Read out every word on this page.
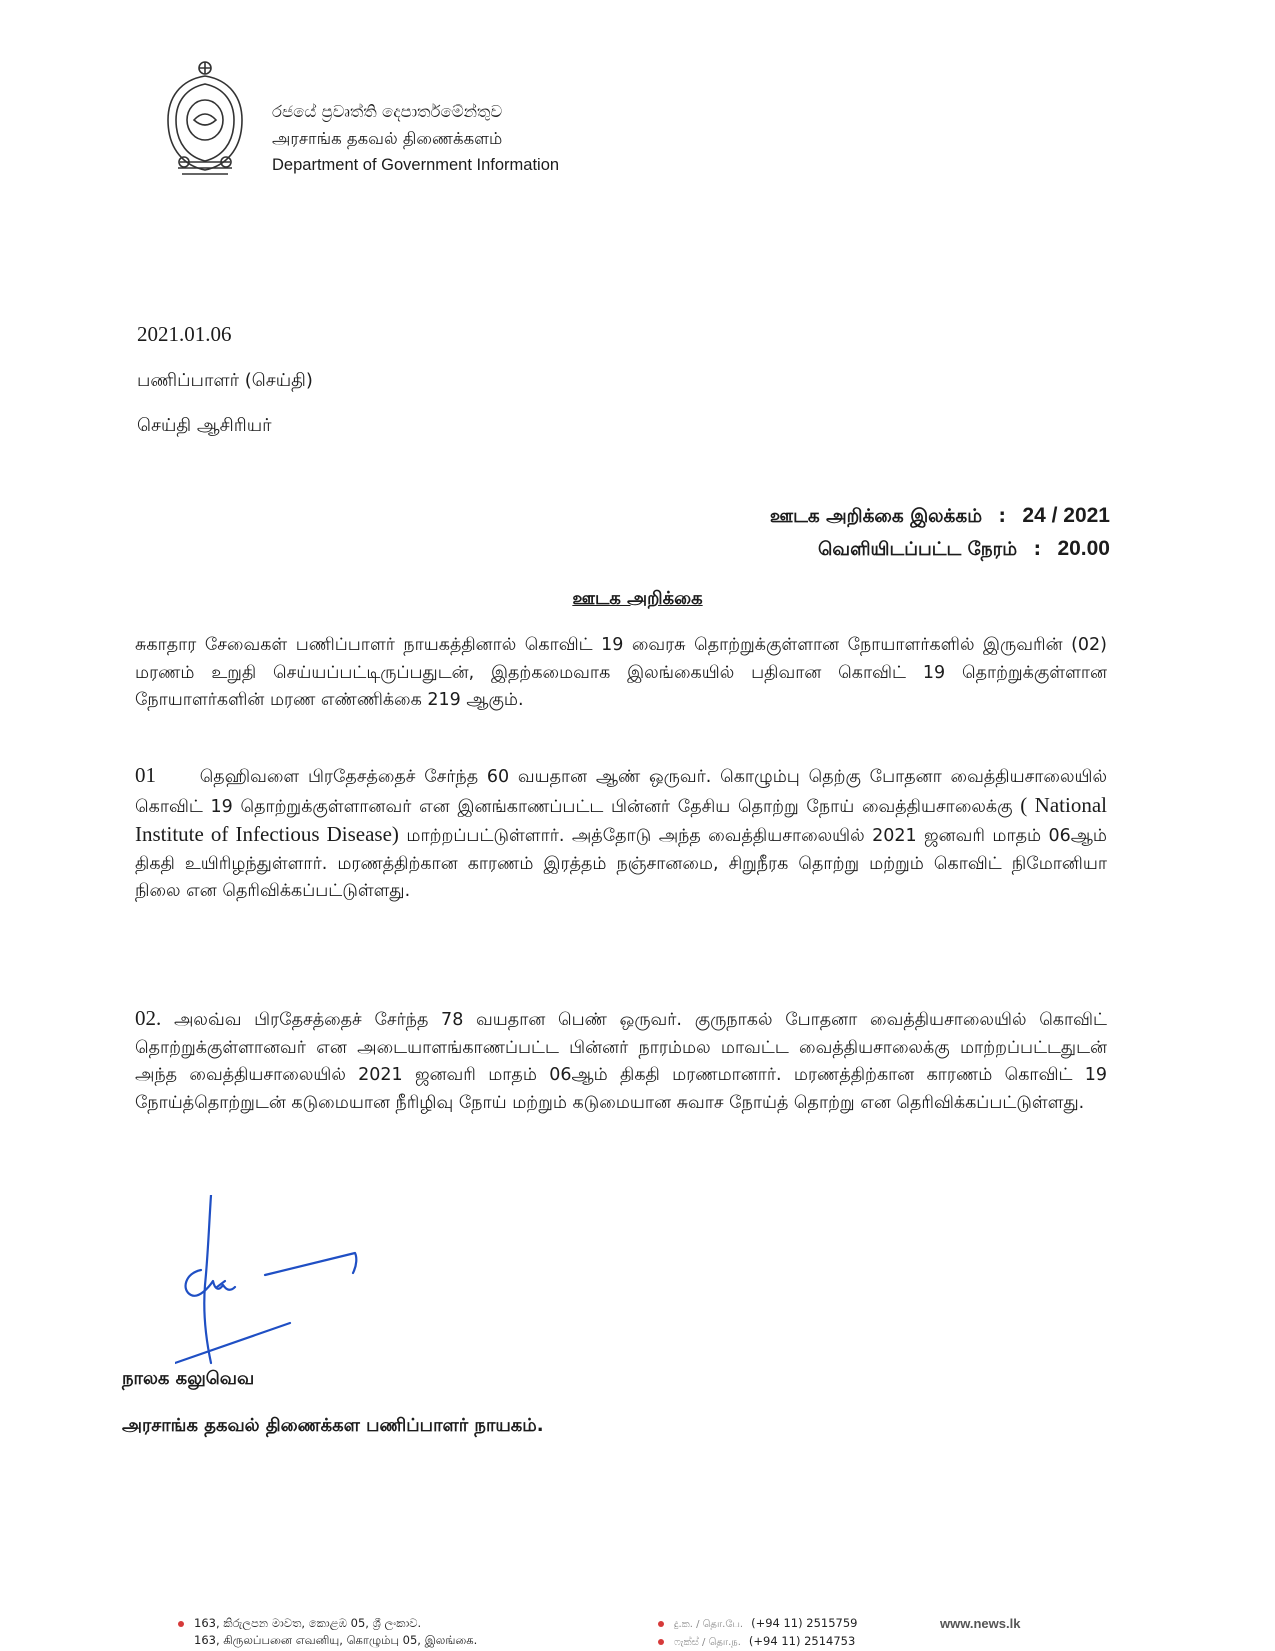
රජයේ ප්‍රවෘත්ති දෙපාර්තමේන්තුව
அரசாங்க தகவல் திணைக்களம்
Department of Government Information
2021.01.06
பணிப்பாளர் (செய்தி)
செய்தி ஆசிரியர்
ஊடக அறிக்கை இலக்கம் : 24 / 2021
வெளியிடப்பட்ட நேரம் : 20.00
ஊடக அறிக்கை
சுகாதார சேவைகள் பணிப்பாளர் நாயகத்தினால் கொவிட் 19 வைரசு தொற்றுக்குள்ளான நோயாளர்களில் இருவரின் (02) மரணம் உறுதி செய்யப்பட்டிருப்பதுடன், இதற்கமைவாக இலங்கையில் பதிவான கொவிட் 19 தொற்றுக்குள்ளான நோயாளர்களின் மரண எண்ணிக்கை 219 ஆகும்.
01 தெஹிவளை பிரதேசத்தைச் சேர்ந்த 60 வயதான ஆண் ஒருவர். கொழும்பு தெற்கு போதனா வைத்தியசாலையில் கொவிட் 19 தொற்றுக்குள்ளானவர் என இனங்காணப்பட்ட பின்னர் தேசிய தொற்று நோய் வைத்தியசாலைக்கு ( National Institute of Infectious Disease) மாற்றப்பட்டுள்ளார். அத்தோடு அந்த வைத்தியசாலையில் 2021 ஜனவரி மாதம் 06ஆம் திகதி உயிரிழந்துள்ளார். மரணத்திற்கான காரணம் இரத்தம் நஞ்சானமை, சிறுநீரக தொற்று மற்றும் கொவிட் நிமோனியா நிலை என தெரிவிக்கப்பட்டுள்ளது.
02. அலவ்வ பிரதேசத்தைச் சேர்ந்த 78 வயதான பெண் ஒருவர். குருநாகல் போதனா வைத்தியசாலையில் கொவிட் தொற்றுக்குள்ளானவர் என அடையாளங்காணப்பட்ட பின்னர் நாரம்மல மாவட்ட வைத்தியசாலைக்கு மாற்றப்பட்டதுடன் அந்த வைத்தியசாலையில் 2021 ஜனவரி மாதம் 06ஆம் திகதி மரணமானார். மரணத்திற்கான காரணம் கொவிட் 19 நோய்த்தொற்றுடன் கடுமையான நீரிழிவு நோய் மற்றும் கடுமையான சுவாச நோய்த் தொற்று என தெரிவிக்கப்பட்டுள்ளது.
நாலக கலுவெவ
அரசாங்க தகவல் திணைக்கள பணிப்பாளர் நாயகம்.
163, කිරුලපන මාවත, කොළඹ 05, ශ්‍රී ලංකාව.
163, கிருலப்பனை எவனியு, கொழும்பு 05, இலங்கை.
දු.ක. / தொ.பே. (+94 11) 2515759
ෆැක්ස් / தொ.ந. (+94 11) 2514753
www.news.lk
